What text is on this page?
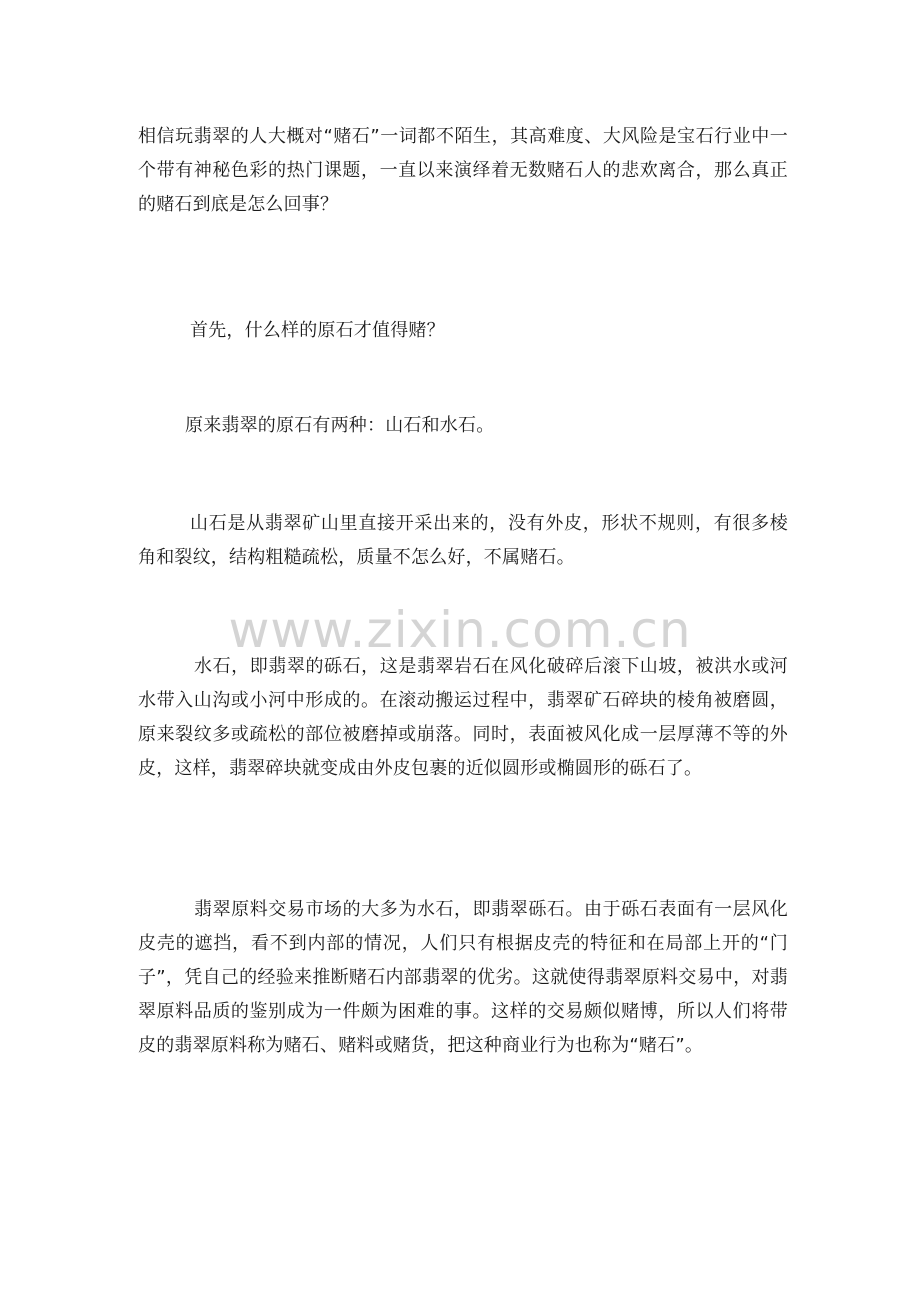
相信玩翡翠的人大概对“赌石”一词都不陌生，其高难度、大风险是宝石行业中一个带有神秘色彩的热门课题，一直以来演绎着无数赌石人的悲欢离合，那么真正的赌石到底是怎么回事？

首先，什么样的原石才值得赌？

原来翡翠的原石有两种：山石和水石。

山石是从翡翠矿山里直接开采出来的，没有外皮，形状不规则，有很多棱角和裂纹，结构粗糙疏松，质量不怎么好，不属赌石。

水石，即翡翠的砾石，这是翡翠岩石在风化破碎后滚下山坡，被洪水或河水带入山沟或小河中形成的。在滚动搬运过程中，翡翠矿石碎块的棱角被磨圆，原来裂纹多或疏松的部位被磨掉或崩落。同时，表面被风化成一层厚薄不等的外皮，这样，翡翠碎块就变成由外皮包裹的近似圆形或椭圆形的砾石了。

翡翠原料交易市场的大多为水石，即翡翠砾石。由于砾石表面有一层风化皮壳的遮挡，看不到内部的情况，人们只有根据皮壳的特征和在局部上开的“门子”，凭自己的经验来推断赌石内部翡翠的优劣。这就使得翡翠原料交易中，对翡翠原料品质的鉴别成为一件颇为困难的事。这样的交易颇似赌博，所以人们将带皮的翡翠原料称为赌石、赌料或赌货，把这种商业行为也称为“赌石”。

www.zixin.com.cn
